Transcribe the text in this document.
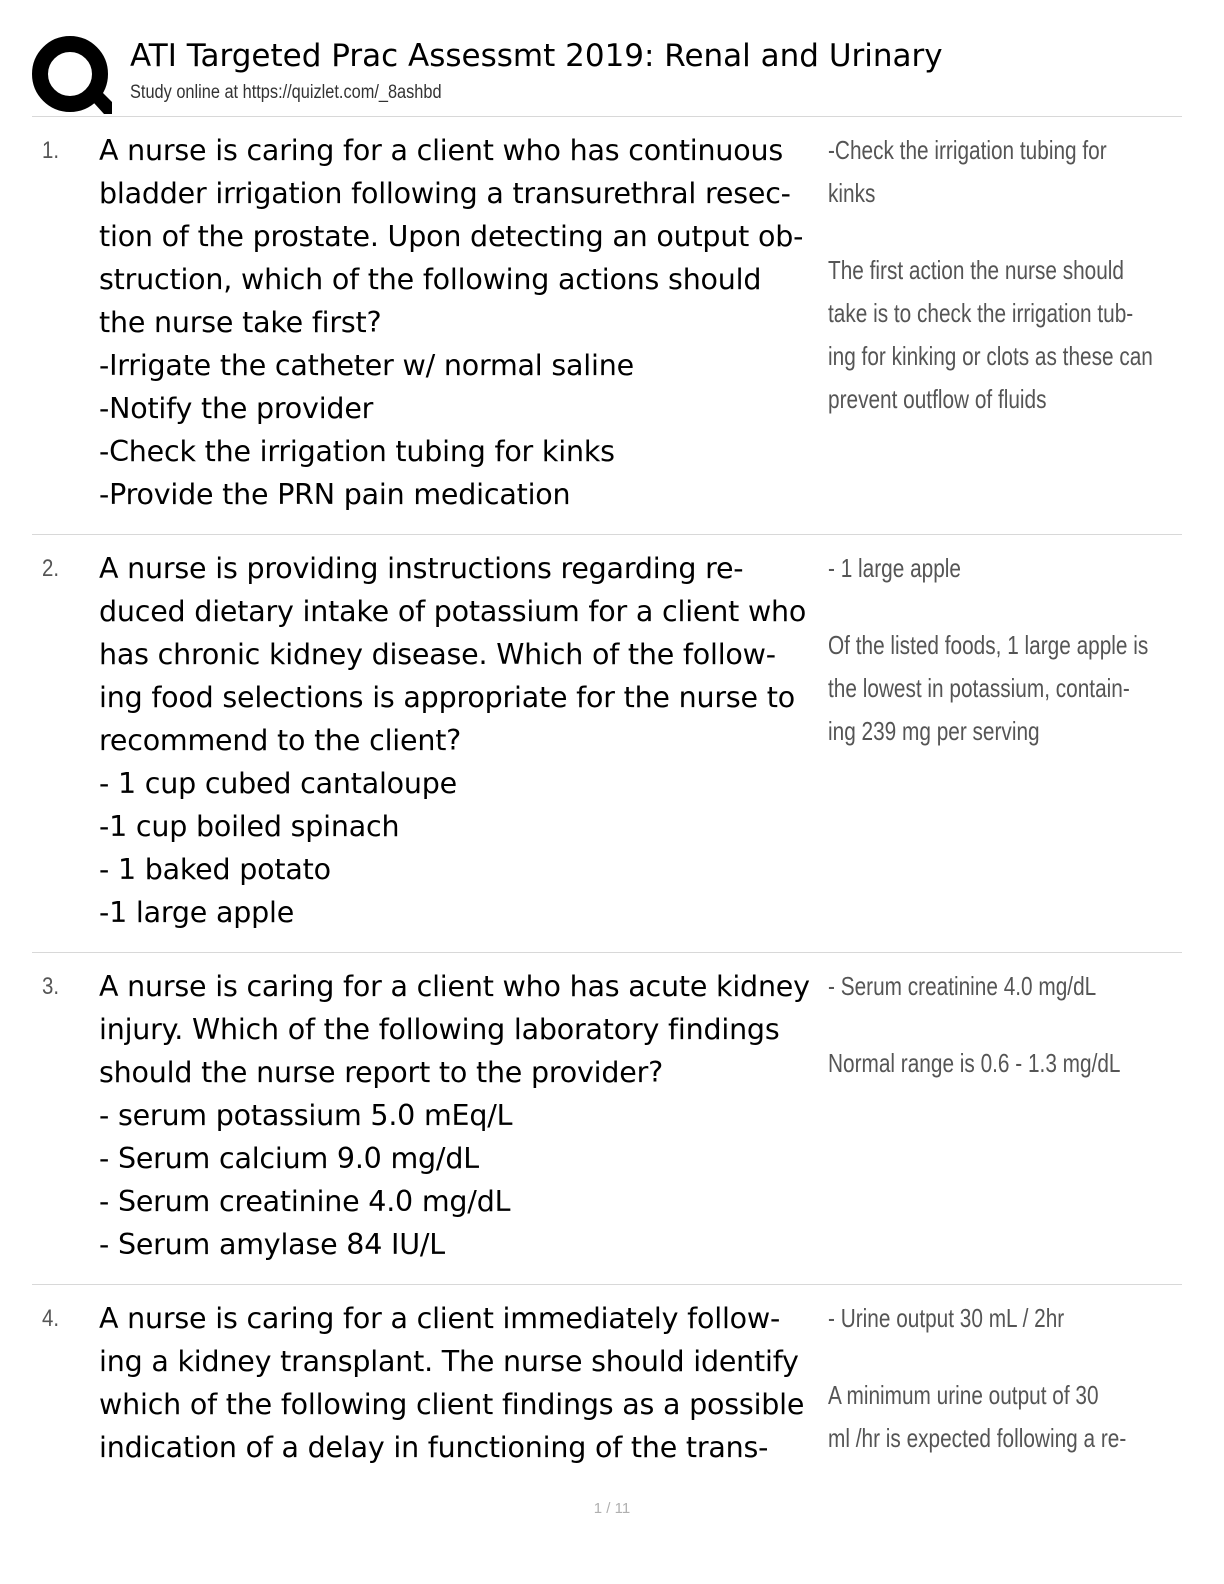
ATI Targeted Prac Assessmt 2019: Renal and Urinary
Study online at https://quizlet.com/_8ashbd
1. A nurse is caring for a client who has continuous
bladder irrigation following a transurethral resec-
tion of the prostate. Upon detecting an output ob-
struction, which of the following actions should
the nurse take first?
-Irrigate the catheter w/ normal saline
-Notify the provider
-Check the irrigation tubing for kinks
-Provide the PRN pain medication
-Check the irrigation tubing for
kinks
The first action the nurse should
take is to check the irrigation tub-
ing for kinking or clots as these can
prevent outflow of fluids
2. A nurse is providing instructions regarding re-
duced dietary intake of potassium for a client who
has chronic kidney disease. Which of the follow-
ing food selections is appropriate for the nurse to
recommend to the client?
- 1 cup cubed cantaloupe
-1 cup boiled spinach
- 1 baked potato
-1 large apple
- 1 large apple
Of the listed foods, 1 large apple is
the lowest in potassium, contain-
ing 239 mg per serving
3. A nurse is caring for a client who has acute kidney
injury. Which of the following laboratory findings
should the nurse report to the provider?
- serum potassium 5.0 mEq/L
- Serum calcium 9.0 mg/dL
- Serum creatinine 4.0 mg/dL
- Serum amylase 84 IU/L
- Serum creatinine 4.0 mg/dL
Normal range is 0.6 - 1.3 mg/dL
4. A nurse is caring for a client immediately follow-
ing a kidney transplant. The nurse should identify
which of the following client findings as a possible
indication of a delay in functioning of the trans-
- Urine output 30 mL / 2hr
A minimum urine output of 30
ml /hr is expected following a re-
1 / 11
